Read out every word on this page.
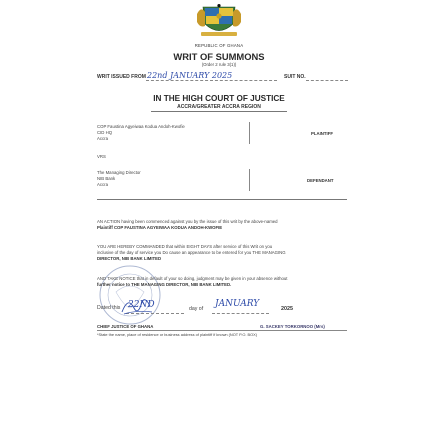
REPUBLIC OF GHANA
WRIT OF SUMMONS
(Order 2 rule 3(1))
WRIT ISSUED FROM 22nd JANUARY 2025	SUIT NO.
IN THE HIGH COURT OF JUSTICE
ACCRA/GREATER ACCRA REGION
COP Faustina Agyeiwaa Kodua Andoh-Kwofie
CID HQ
Accra
PLAINTIFF
VRS
The Managing Director
NIB Bank
Accra
DEFENDANT
AN ACTION having been commenced against you by the issue of this writ by the above-named
Plaintiff COP FAUSTINA AGYEIWAA KODUA ANDOH-KWOFIE
YOU ARE HEREBY COMMANDED that within EIGHT DAYS after service of this Writ on you
inclusive of the day of service you Do cause an appearance to be entered for you THE MANAGING
DIRECTOR, NIB BANK LIMITED
AND TAKE NOTICE that in default of your so doing, judgment may be given in your absence without
further notice to THE MANAGING DIRECTOR, NIB BANK LIMITED.
Dated this 22ND	day of JANUARY	2025
CHIEF JUSTICE OF GHANA	G. SACKEY TORKORNOO (Mrs)
*State the name, place of residence or business address of plaintiff if known (NOT P.O. BOX)
